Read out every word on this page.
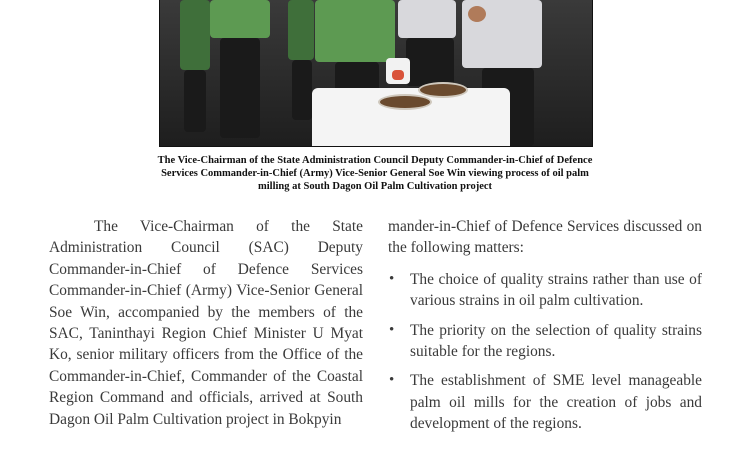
The Vice-Chairman of the State Administration Council Deputy Commander-in-Chief of Defence Services Commander-in-Chief (Army) Vice-Senior General Soe Win viewing process of oil palm milling at South Dagon Oil Palm Cultivation project

The Vice-Chairman of the State Administration Council (SAC) Deputy Commander-in-Chief of Defence Services Commander-in-Chief (Army) Vice-Senior General Soe Win, accompanied by the members of the SAC, Taninthayi Region Chief Minister U Myat Ko, senior military officers from the Office of the Commander-in-Chief, Commander of the Coastal Region Command and officials, arrived at South Dagon Oil Palm Cultivation project in Bokpyin

mander-in-Chief of Defence Services discussed on the following matters:

• The choice of quality strains rather than use of various strains in oil palm cultivation.
• The priority on the selection of quality strains suitable for the regions.
• The establishment of SME level manageable palm oil mills for the creation of jobs and development of the regions.
